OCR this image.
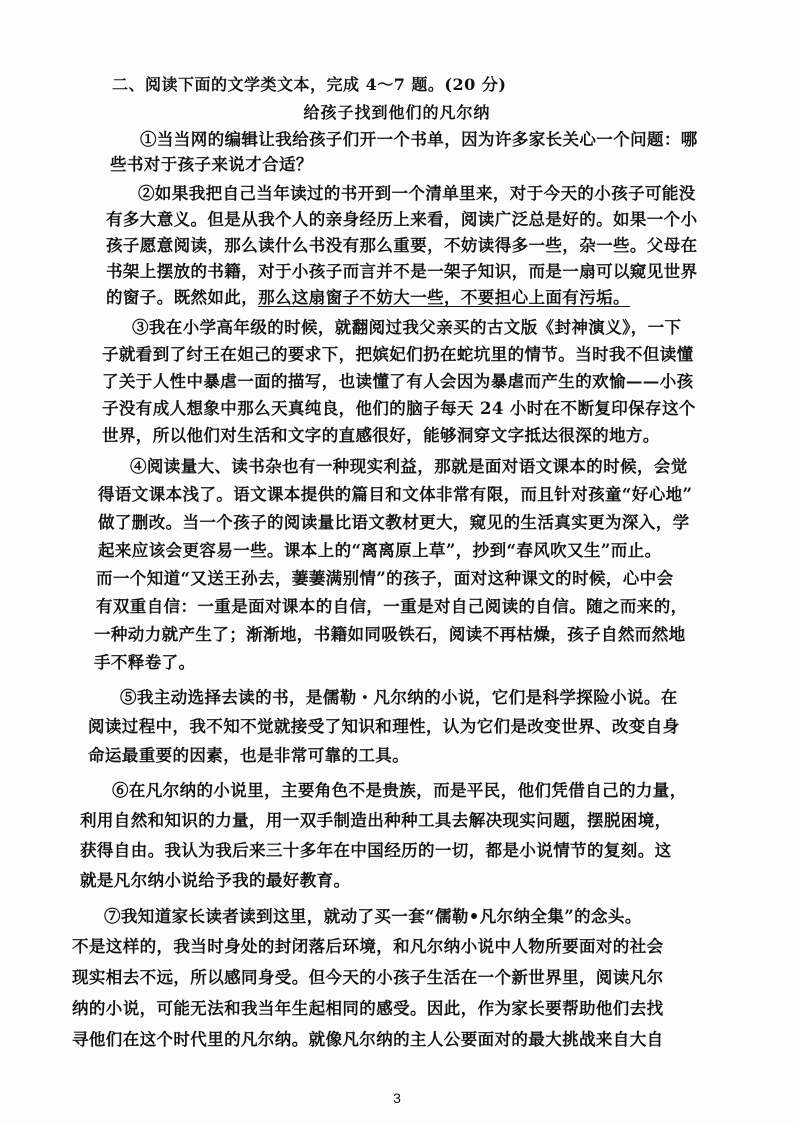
二、阅读下面的文学类文本，完成 4～7 题。(20 分)
给孩子找到他们的凡尔纳
①当当网的编辑让我给孩子们开一个书单，因为许多家长关心一个问题：哪
些书对于孩子来说才合适？
②如果我把自己当年读过的书开到一个清单里来，对于今天的小孩子可能没
有多大意义。但是从我个人的亲身经历上来看，阅读广泛总是好的。如果一个小
孩子愿意阅读，那么读什么书没有那么重要，不妨读得多一些，杂一些。父母在
书架上摆放的书籍，对于小孩子而言并不是一架子知识，而是一扇可以窥见世界
的窗子。既然如此，那么这扇窗子不妨大一些，不要担心上面有污垢。
③我在小学高年级的时候，就翻阅过我父亲买的古文版《封神演义》，一下
子就看到了纣王在妲己的要求下，把嫔妃们扔在蛇坑里的情节。当时我不但读懂
了关于人性中暴虐一面的描写，也读懂了有人会因为暴虐而产生的欢愉——小孩
子没有成人想象中那么天真纯良，他们的脑子每天 24 小时在不断复印保存这个
世界，所以他们对生活和文字的直感很好，能够洞穿文字抵达很深的地方。
④阅读量大、读书杂也有一种现实利益，那就是面对语文课本的时候，会觉
得语文课本浅了。语文课本提供的篇目和文体非常有限，而且针对孩童“好心地”
做了删改。当一个孩子的阅读量比语文教材更大，窥见的生活真实更为深入，学
起来应该会更容易一些。课本上的“离离原上草”，抄到“春风吹又生”而止。
而一个知道“又送王孙去，萋萋满别情”的孩子，面对这种课文的时候，心中会
有双重自信：一重是面对课本的自信，一重是对自己阅读的自信。随之而来的，
一种动力就产生了；渐渐地，书籍如同吸铁石，阅读不再枯燥，孩子自然而然地
手不释卷了。
⑤我主动选择去读的书，是儒勒・凡尔纳的小说，它们是科学探险小说。在
阅读过程中，我不知不觉就接受了知识和理性，认为它们是改变世界、改变自身
命运最重要的因素，也是非常可靠的工具。
⑥在凡尔纳的小说里，主要角色不是贵族，而是平民，他们凭借自己的力量，
利用自然和知识的力量，用一双手制造出种种工具去解决现实问题，摆脱困境，
获得自由。我认为我后来三十多年在中国经历的一切，都是小说情节的复刻。这
就是凡尔纳小说给予我的最好教育。
⑦我知道家长读者读到这里，就动了买一套“儒勒•凡尔纳全集”的念头。
不是这样的，我当时身处的封闭落后环境，和凡尔纳小说中人物所要面对的社会
现实相去不远，所以感同身受。但今天的小孩子生活在一个新世界里，阅读凡尔
纳的小说，可能无法和我当年生起相同的感受。因此，作为家长要帮助他们去找
寻他们在这个时代里的凡尔纳。就像凡尔纳的主人公要面对的最大挑战来自大自
3
